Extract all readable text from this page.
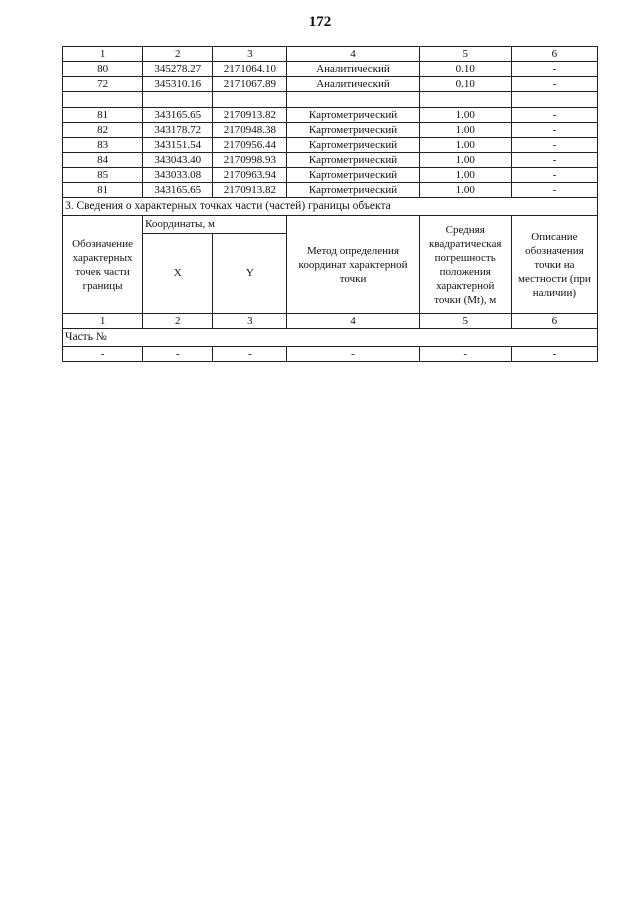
172
1	2	3	4	5	6
80	345278.27	2171064.10	Аналитический	0.10	-
72	345310.16	2171067.89	Аналитический	0.10	-

81	343165.65	2170913.82	Картометрический	1.00	-
82	343178.72	2170948.38	Картометрический	1.00	-
83	343151.54	2170956.44	Картометрический	1.00	-
84	343043.40	2170998.93	Картометрический	1.00	-
85	343033.08	2170963.94	Картометрический	1.00	-
81	343165.65	2170913.82	Картометрический	1.00	-
3. Сведения о характерных точках части (частей) границы объекта					
Обозначение характерных точек части границы	Координаты, м		Метод определения координат характерной точки	Средняя квадратическая погрешность положения характерной точки (Mt), м	Описание обозначения точки на местности (при наличии)
	X	Y			
1	2	3	4	5	6
Часть №					
-	-	-	-	-	-
